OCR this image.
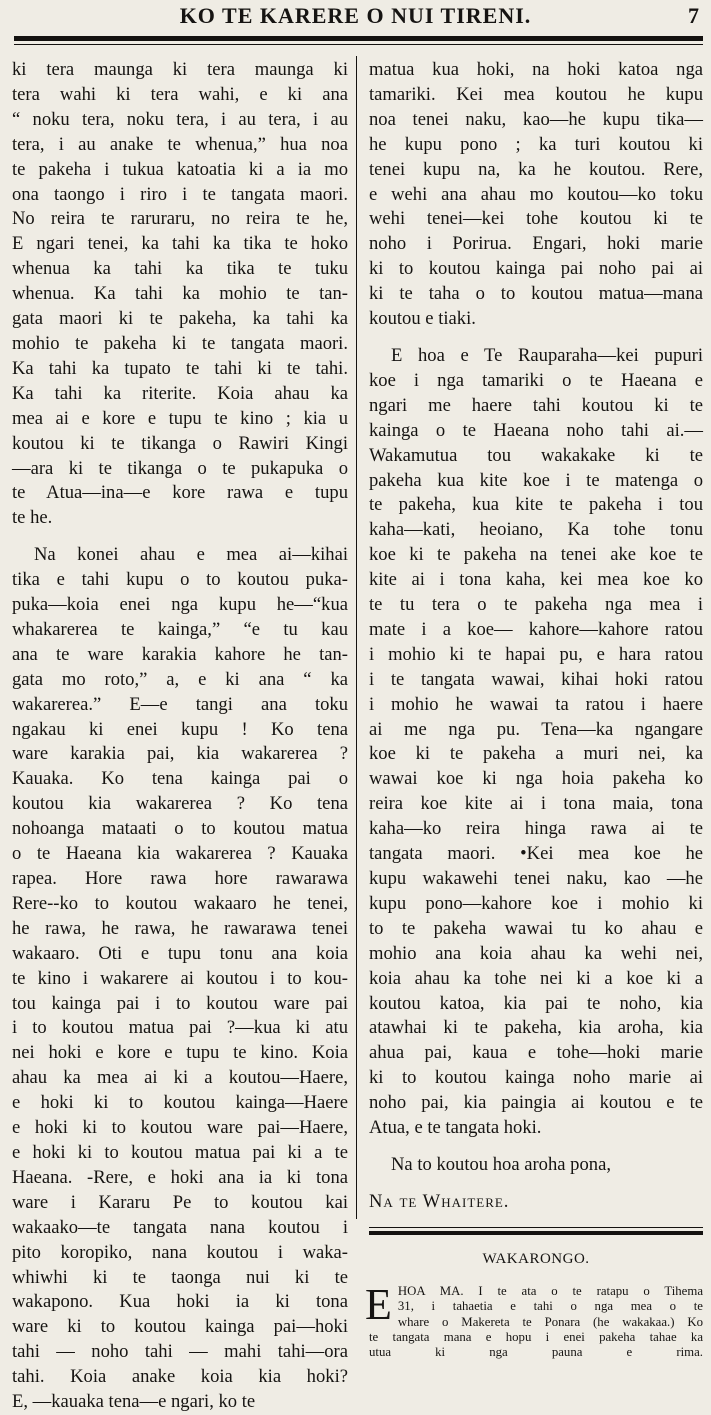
KO TE KARERE O NUI TIRENI.	7
ki tera maunga ki tera maunga ki
tera wahi ki tera wahi, e ki ana
“ noku tera, noku tera, i au tera, i au
tera, i au anake te whenua,” hua noa
te pakeha i tukua katoatia ki a ia mo
ona taongo i riro i te tangata maori.
No reira te raruraru, no reira te he,
E ngari tenei, ka tahi ka tika te hoko
whenua ka tahi ka tika te tuku
whenua. Ka tahi ka mohio te tan-
gata maori ki te pakeha, ka tahi ka
mohio te pakeha ki te tangata maori.
Ka tahi ka tupato te tahi ki te tahi.
Ka tahi ka riterite. Koia ahau ka
mea ai e kore e tupu te kino ; kia u
koutou ki te tikanga o Rawiri Kingi
—ara ki te tikanga o te pukapuka o
te Atua—ina—e kore rawa e tupu
te he.
Na konei ahau e mea ai—kihai
tika e tahi kupu o to koutou puka-
puka—koia enei nga kupu he—“kua
whakarerea te kainga,” “e tu kau
ana te ware karakia kahore he tan-
gata mo roto,” a, e ki ana “ ka
wakarerea.” E—e tangi ana toku
ngakau ki enei kupu ! Ko tena
ware karakia pai, kia wakarerea ?
Kauaka. Ko tena kainga pai o
koutou kia wakarerea ? Ko tena
nohoanga mataati o to koutou matua
o te Haeana kia wakarerea ? Kauaka
rapea. Hore rawa hore rawarawa
Rere--ko to koutou wakaaro he tenei,
he rawa, he rawa, he rawarawa tenei
wakaaro. Oti e tupu tonu ana koia
te kino i wakarere ai koutou i to kou-
tou kainga pai i to koutou ware pai
i to koutou matua pai ?—kua ki atu
nei hoki e kore e tupu te kino. Koia
ahau ka mea ai ki a koutou—Haere,
e hoki ki to koutou kainga—Haere
e hoki ki to koutou ware pai—Haere,
e hoki ki to koutou matua pai ki a te
Haeana. -Rere, e hoki ana ia ki tona
ware i Kararu Pe to koutou kai
wakaako—te tangata nana koutou i
pito koropiko, nana koutou i waka-
whiwhi ki te taonga nui ki te
wakapono. Kua hoki ia ki tona
ware ki to koutou kainga pai—hoki
tahi — noho tahi — mahi tahi—ora
tahi. Koia anake koia kia hoki?
E, —kauaka tena—e ngari, ko te
matua kua hoki, na hoki katoa nga
tamariki. Kei mea koutou he kupu
noa tenei naku, kao—he kupu tika—
he kupu pono ; ka turi koutou ki
tenei kupu na, ka he koutou. Rere,
e wehi ana ahau mo koutou—ko toku
wehi tenei—kei tohe koutou ki te
noho i Porirua. Engari, hoki marie
ki to koutou kainga pai noho pai ai
ki te taha o to koutou matua—mana
koutou e tiaki.
E hoa e Te Rauparaha—kei pupuri
koe i nga tamariki o te Haeana e
ngari me haere tahi koutou ki te
kainga o te Haeana noho tahi ai.—
Wakamutua tou wakakake ki te
pakeha kua kite koe i te matenga o
te pakeha, kua kite te pakeha i tou
kaha—kati, heoiano, Ka tohe tonu
koe ki te pakeha na tenei ake koe te
kite ai i tona kaha, kei mea koe ko
te tu tera o te pakeha nga mea i
mate i a koe— kahore—kahore ratou
i mohio ki te hapai pu, e hara ratou
i te tangata wawai, kihai hoki ratou
i mohio he wawai ta ratou i haere
ai me nga pu. Tena—ka ngangare
koe ki te pakeha a muri nei, ka
wawai koe ki nga hoia pakeha ko
reira koe kite ai i tona maia, tona
kaha—ko reira hinga rawa ai te
tangata maori. •Kei mea koe he
kupu wakawehi tenei naku, kao —he
kupu pono—kahore koe i mohio ki
to te pakeha wawai tu ko ahau e
mohio ana koia ahau ka wehi nei,
koia ahau ka tohe nei ki a koe ki a
koutou katoa, kia pai te noho, kia
atawhai ki te pakeha, kia aroha, kia
ahua pai, kaua e tohe—hoki marie
ki to koutou kainga noho marie ai
noho pai, kia paingia ai koutou e te
Atua, e te tangata hoki.
Na to koutou hoa aroha pona,
Na te Whaitere.
WAKARONGO.
E HOA MA. I te ata o te ratapu o Tihema
31, i tahaetia e tahi o nga mea o te
whare o Makereta te Ponara (he wakakaa.) Ko
te tangata mana e hopu i enei pakeha tahae ka
utua ki nga pauna e rima.
